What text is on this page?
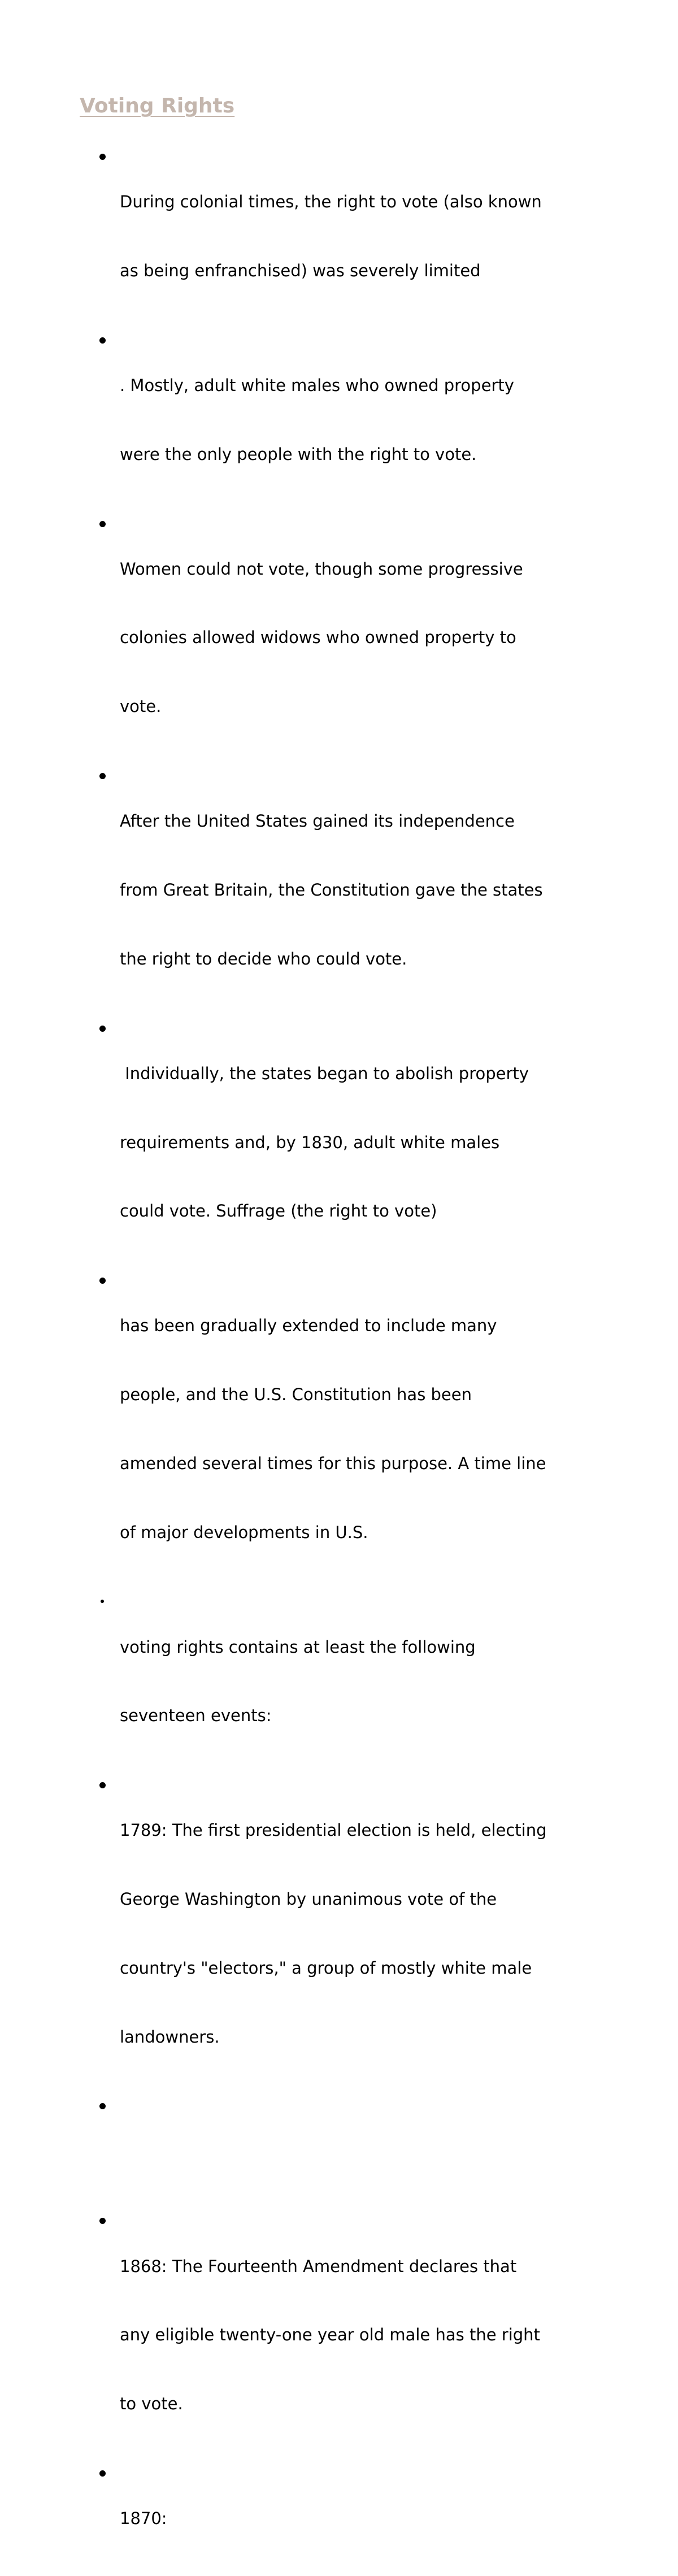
Voting Rights

During colonial times, the right to vote (also known

as being enfranchised) was severely limited

. Mostly, adult white males who owned property

were the only people with the right to vote.

Women could not vote, though some progressive

colonies allowed widows who owned property to

vote.

After the United States gained its independence

from Great Britain, the Constitution gave the states

the right to decide who could vote.

Individually, the states began to abolish property

requirements and, by 1830, adult white males

could vote. Suffrage (the right to vote)

has been gradually extended to include many

people, and the U.S. Constitution has been

amended several times for this purpose. A time line

of major developments in U.S.

voting rights contains at least the following

seventeen events:

1789: The first presidential election is held, electing

George Washington by unanimous vote of the

country's "electors," a group of mostly white male

landowners.

1868: The Fourteenth Amendment declares that

any eligible twenty-one year old male has the right

to vote.

1870:
